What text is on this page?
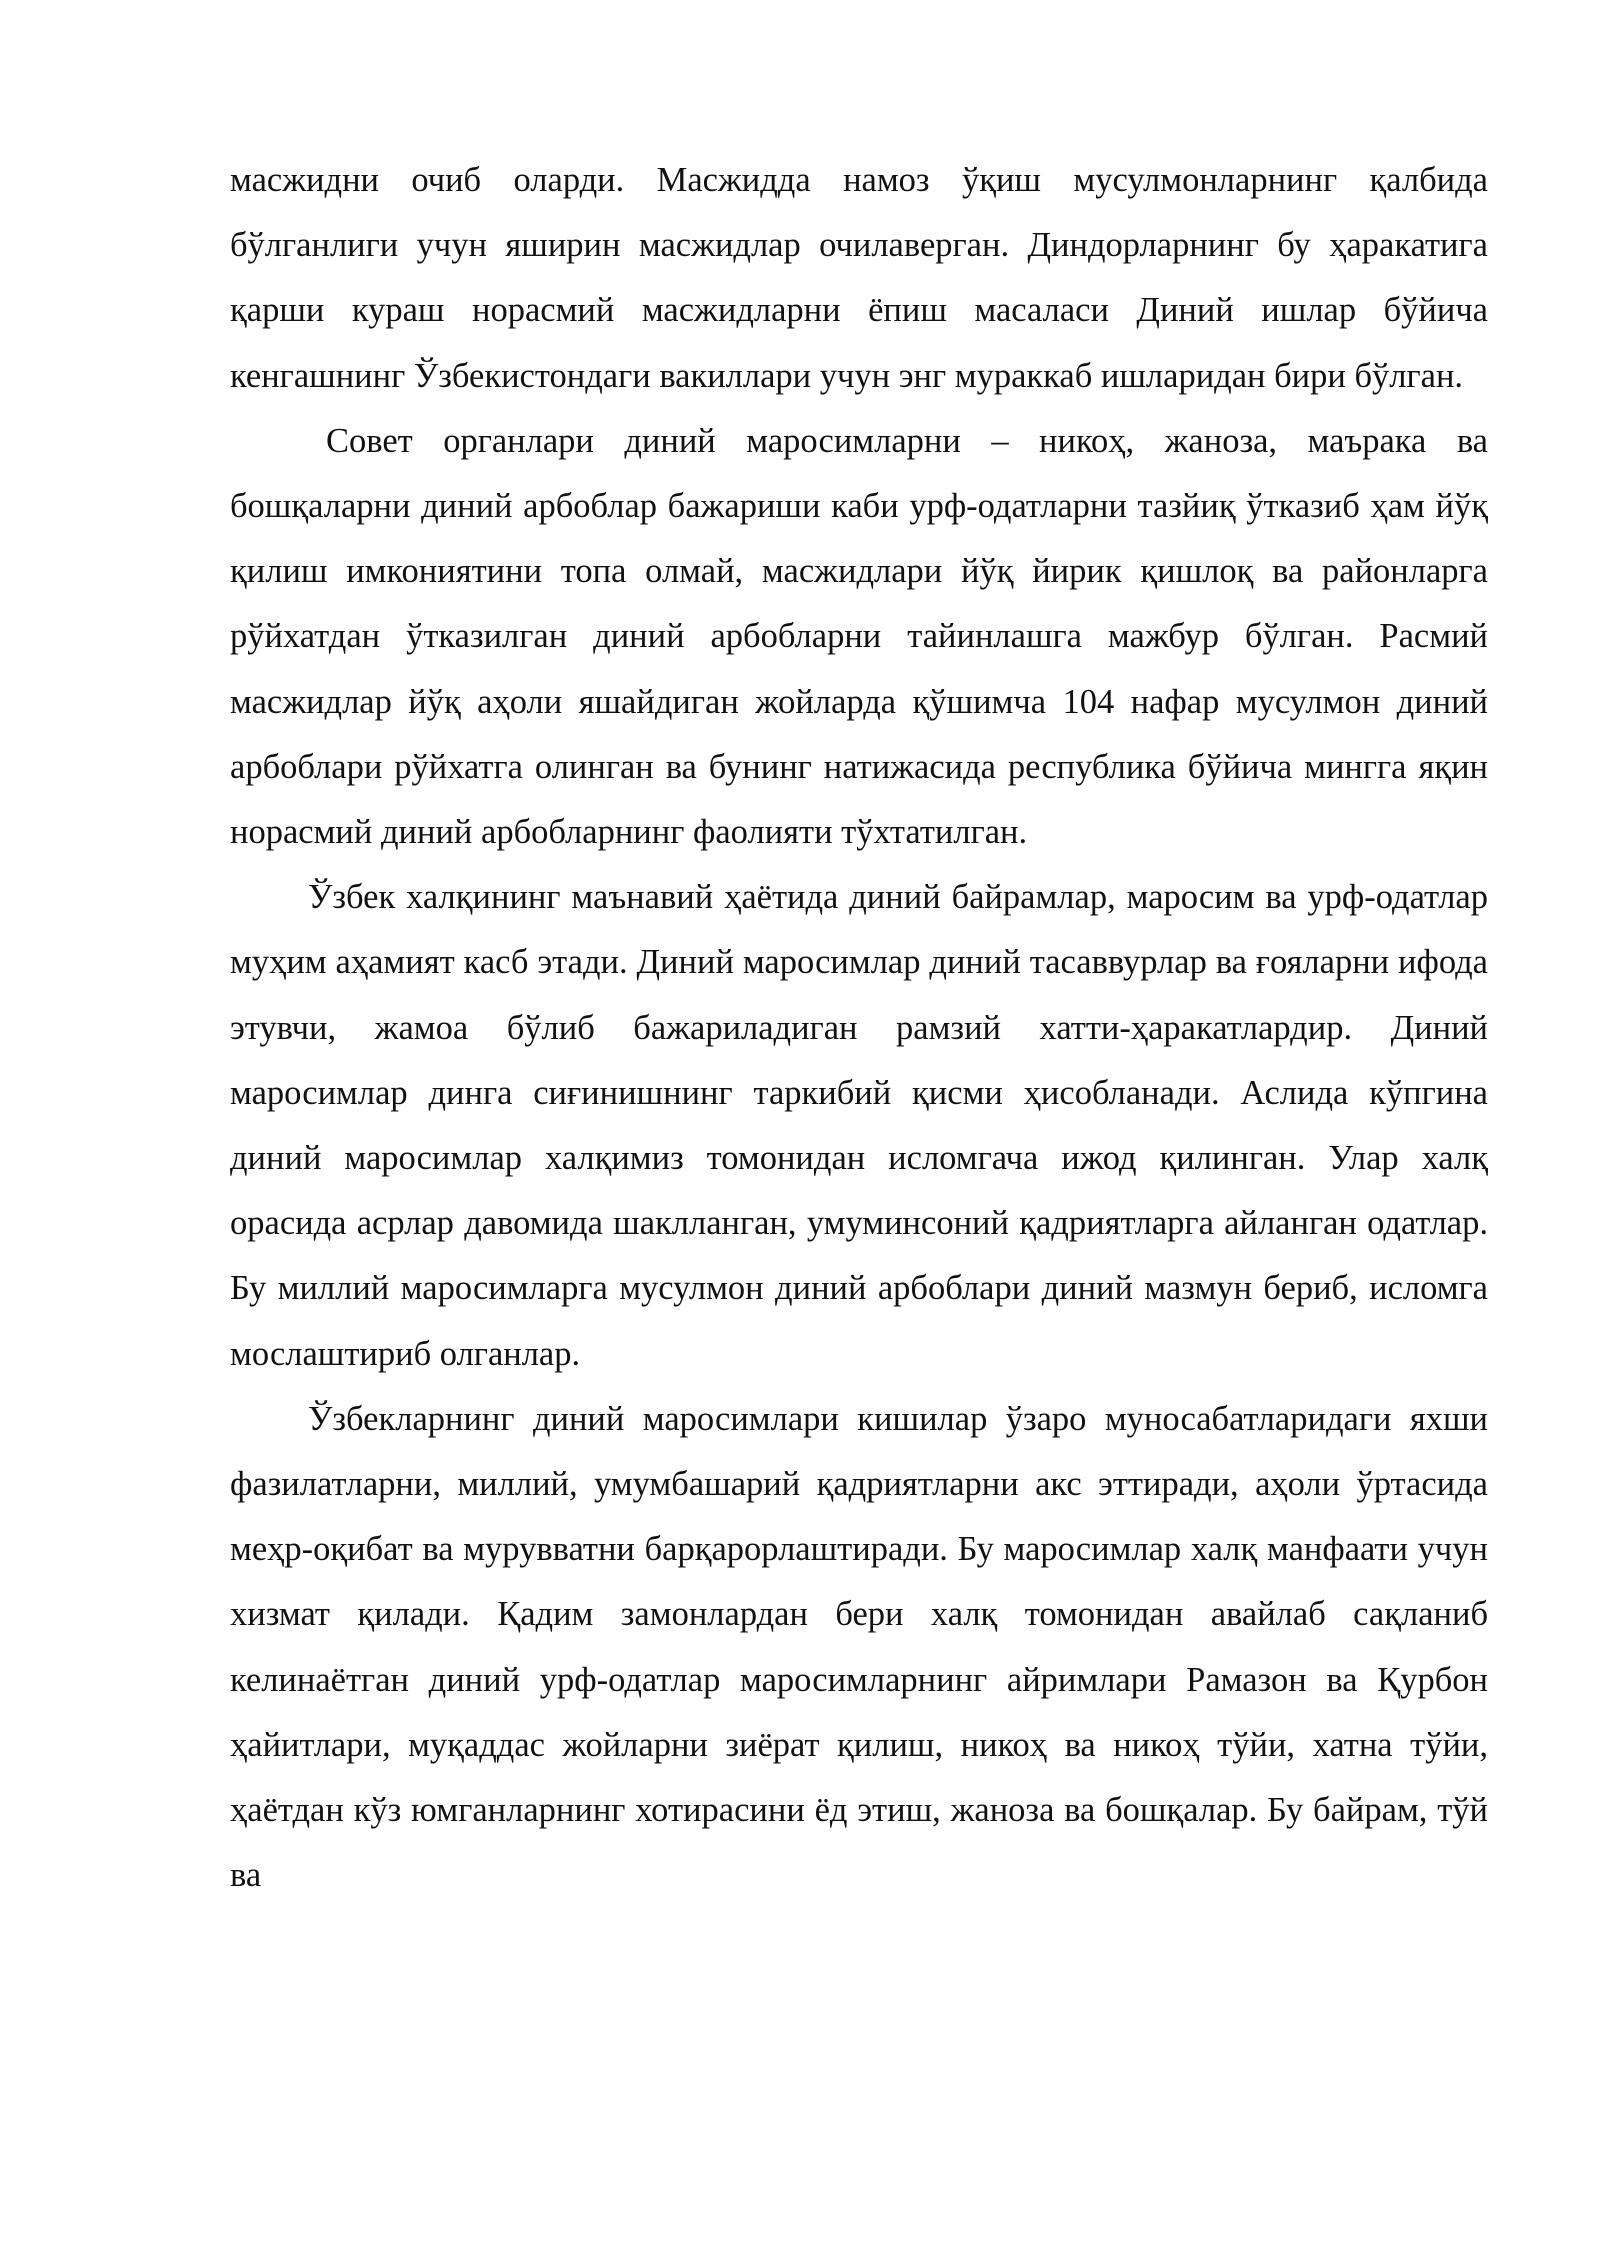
масжидни очиб оларди. Масжидда намоз ўқиш мусулмонларнинг қалбида бўлганлиги учун яширин масжидлар очилаверган. Диндорларнинг бу ҳаракатига қарши кураш норасмий масжидларни ёпиш масаласи Диний ишлар бўйича кенгашнинг Ўзбекистондаги вакиллари учун энг мураккаб ишларидан бири бўлган.

Совет органлари диний маросимларни – никоҳ, жаноза, маърака ва бошқаларни диний арбоблар бажариши каби урф-одатларни тазйиқ ўтказиб ҳам йўқ қилиш имкониятини топа олмай, масжидлари йўқ йирик қишлоқ ва районларга рўйхатдан ўтказилган диний арбобларни тайинлашга мажбур бўлган. Расмий масжидлар йўқ аҳоли яшайдиган жойларда қўшимча 104 нафар мусулмон диний арбоблари рўйхатга олинган ва бунинг натижасида республика бўйича мингга яқин норасмий диний арбобларнинг фаолияти тўхтатилган.

Ўзбек халқининг маънавий ҳаётида диний байрамлар, маросим ва урф-одатлар муҳим аҳамият касб этади. Диний маросимлар диний тасаввурлар ва ғояларни ифода этувчи, жамоа бўлиб бажариладиган рамзий хатти-ҳаракатлардир. Диний маросимлар динга сиғинишнинг таркибий қисми ҳисобланади. Аслида кўпгина диний маросимлар халқимиз томонидан исломгача ижод қилинган. Улар халқ орасида асрлар давомида шаклланган, умуминсоний қадриятларга айланган одатлар. Бу миллий маросимларга мусулмон диний арбоблари диний мазмун бериб, исломга мослаштириб олганлар.

Ўзбекларнинг диний маросимлари кишилар ўзаро муносабатларидаги яхши фазилатларни, миллий, умумбашарий қадриятларни акс эттиради, аҳоли ўртасида меҳр-оқибат ва мурувватни барқарорлаштиради. Бу маросимлар халқ манфаати учун хизмат қилади. Қадим замонлардан бери халқ томонидан авайлаб сақланиб келинаётган диний урф-одатлар маросимларнинг айримлари Рамазон ва Қурбон ҳайитлари, муқаддас жойларни зиёрат қилиш, никоҳ ва никоҳ тўйи, хатна тўйи, ҳаётдан кўз юмганларнинг хотирасини ёд этиш, жаноза ва бошқалар. Бу байрам, тўй ва
